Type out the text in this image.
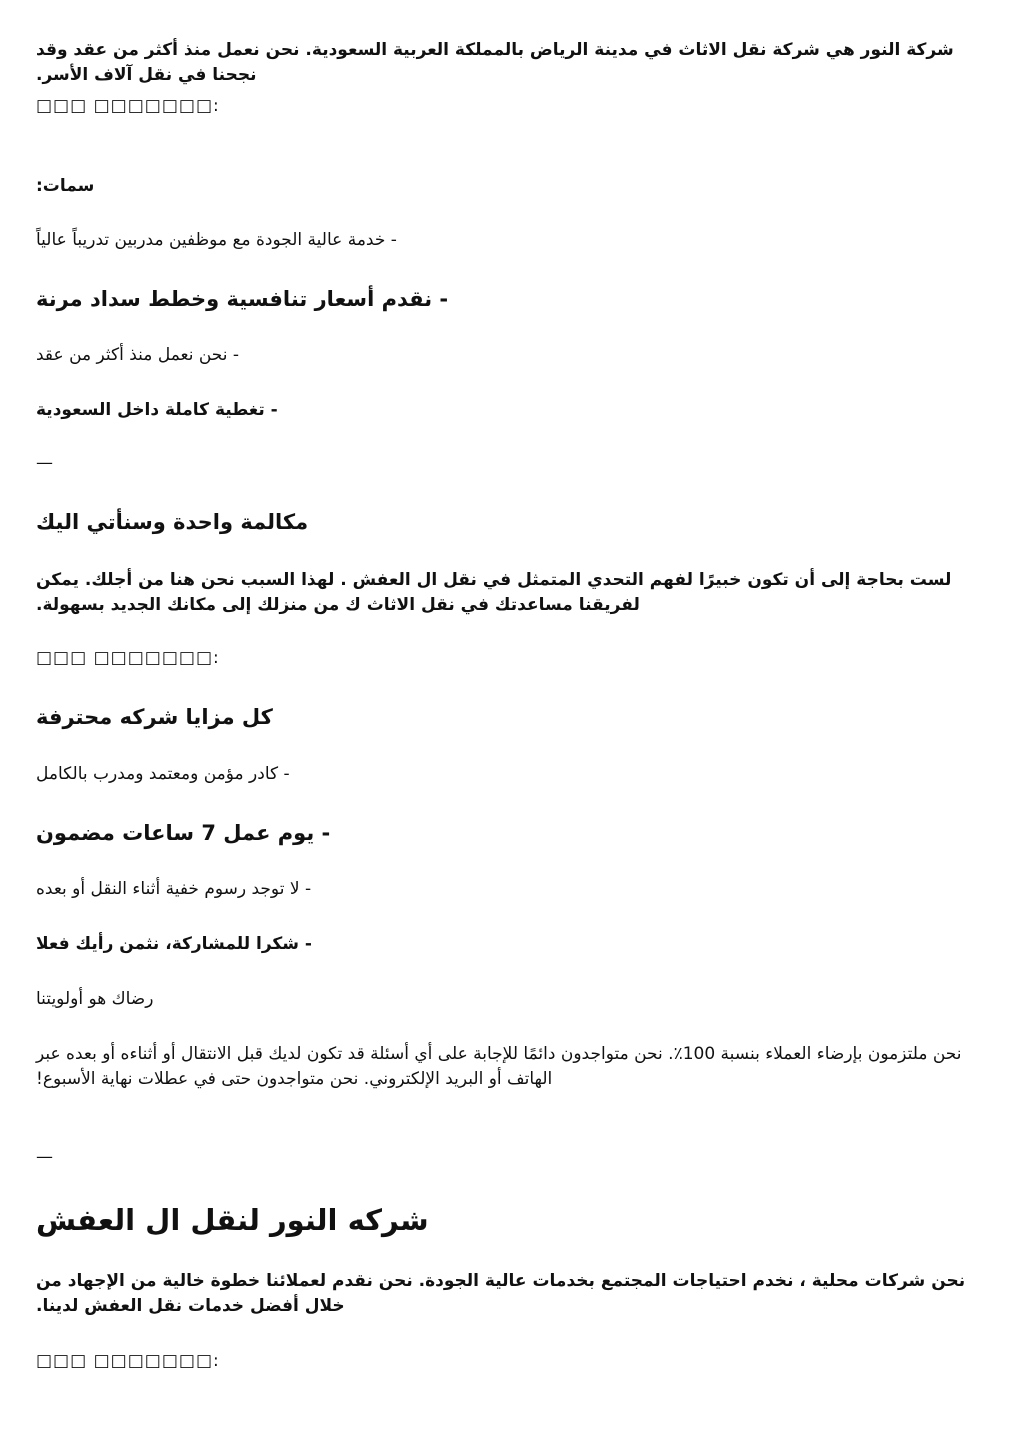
شركة النور هي شركة نقل الاثاث في مدينة الرياض بالمملكة العربية السعودية. نحن نعمل منذ أكثر من عقد وقد نجحنا في نقل آلاف الأسر.
□□□ □□□□□□□:
سمات:
- خدمة عالية الجودة مع موظفين مدربين تدريباً عالياً
- نقدم أسعار تنافسية وخطط سداد مرنة
- نحن نعمل منذ أكثر من عقد
- تغطية كاملة داخل السعودية
—
مكالمة واحدة وسنأتي اليك
لست بحاجة إلى أن تكون خبيرًا لفهم التحدي المتمثل في نقل ال العفش . لهذا السبب نحن هنا من أجلك. يمكن لفريقنا مساعدتك في نقل الاثاث ك من منزلك إلى مكانك الجديد بسهولة.
□□□ □□□□□□□:
كل مزايا شركه محترفة
- كادر مؤمن ومعتمد ومدرب بالكامل
- يوم عمل 7 ساعات مضمون
- لا توجد رسوم خفية أثناء النقل أو بعده
- شكرا للمشاركة، نثمن رأيك فعلا
رضاك هو أولويتنا
نحن ملتزمون بإرضاء العملاء بنسبة 100٪. نحن متواجدون دائمًا للإجابة على أي أسئلة قد تكون لديك قبل الانتقال أو أثناءه أو بعده عبر الهاتف أو البريد الإلكتروني. نحن متواجدون حتى في عطلات نهاية الأسبوع!
—
شركه النور لنقل ال العفش
نحن شركات محلية ، نخدم احتياجات المجتمع بخدمات عالية الجودة. نحن نقدم لعملائنا خطوة خالية من الإجهاد من خلال أفضل خدمات نقل العفش لدينا.
□□□ □□□□□□□:
